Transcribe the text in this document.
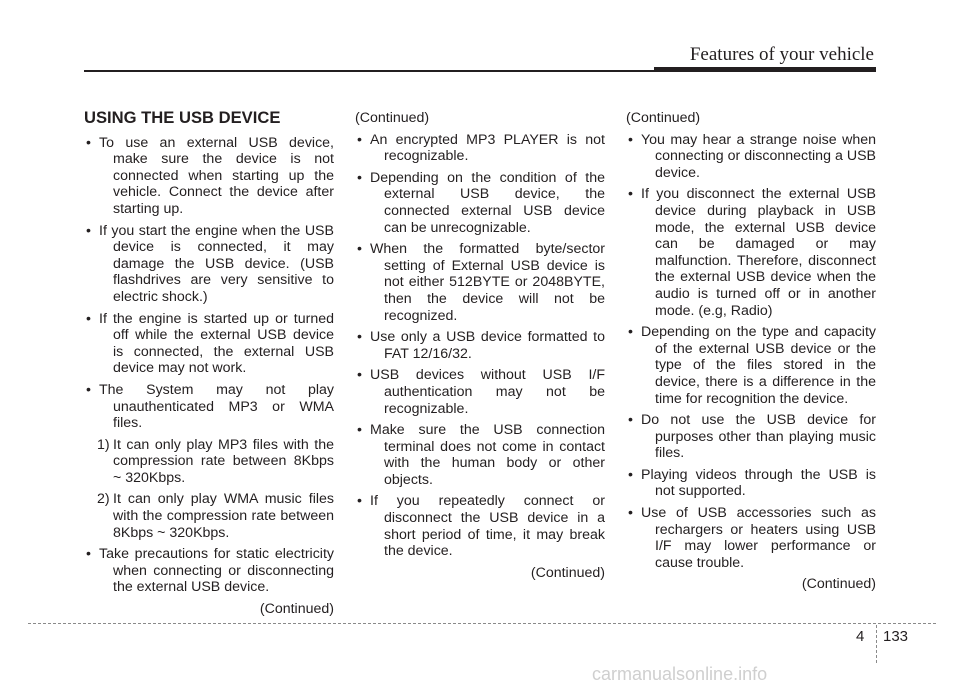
Features of your vehicle
USING THE USB DEVICE
• To use an external USB device, make sure the device is not connected when starting up the vehicle. Connect the device after starting up.
• If you start the engine when the USB device is connected, it may damage the USB device. (USB flashdrives are very sensitive to electric shock.)
• If the engine is started up or turned off while the external USB device is connected, the external USB device may not work.
• The System may not play unauthenticated MP3 or WMA files.
1) It can only play MP3 files with the compression rate between 8Kbps ~ 320Kbps.
2) It can only play WMA music files with the compression rate between 8Kbps ~ 320Kbps.
• Take precautions for static electricity when connecting or disconnecting the external USB device.
(Continued)
(Continued)
• An encrypted MP3 PLAYER is not recognizable.
• Depending on the condition of the external USB device, the connected external USB device can be unrecognizable.
• When the formatted byte/sector setting of External USB device is not either 512BYTE or 2048BYTE, then the device will not be recognized.
• Use only a USB device formatted to FAT 12/16/32.
• USB devices without USB I/F authentication may not be recognizable.
• Make sure the USB connection terminal does not come in contact with the human body or other objects.
• If you repeatedly connect or disconnect the USB device in a short period of time, it may break the device.
(Continued)
(Continued)
• You may hear a strange noise when connecting or disconnecting a USB device.
• If you disconnect the external USB device during playback in USB mode, the external USB device can be damaged or may malfunction. Therefore, disconnect the external USB device when the audio is turned off or in another mode. (e.g, Radio)
• Depending on the type and capacity of the external USB device or the type of the files stored in the device, there is a difference in the time for recognition the device.
• Do not use the USB device for purposes other than playing music files.
• Playing videos through the USB is not supported.
• Use of USB accessories such as rechargers or heaters using USB I/F may lower performance or cause trouble.
(Continued)
4 133
carmanualsonline.info
